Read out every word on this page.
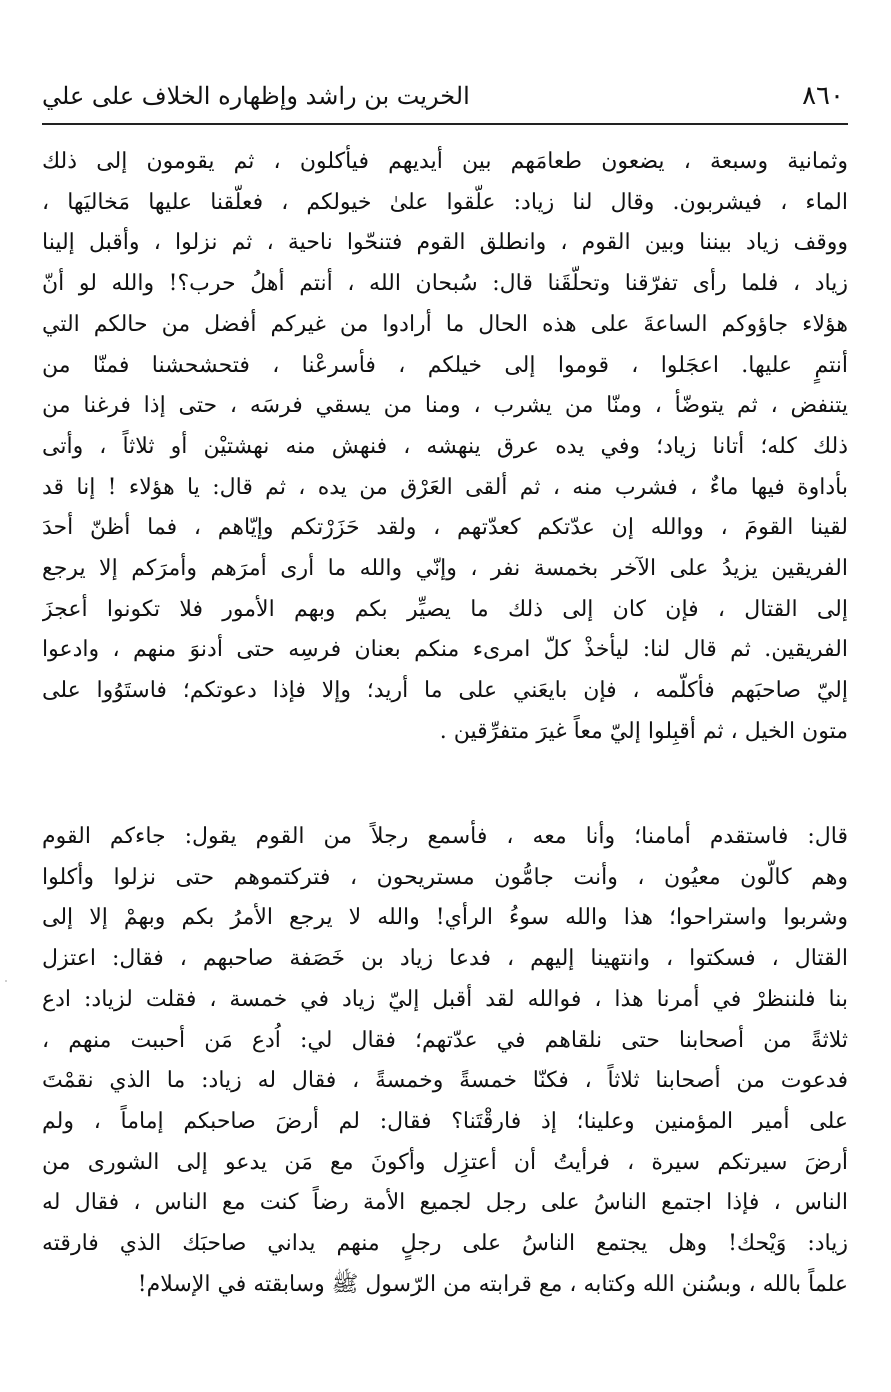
٨٦٠
الخريت بن راشد وإظهاره الخلاف على علي
وثمانية وسبعة ، يضعون طعامَهم بين أيديهم فيأكلون ، ثم يقومون إلى ذلك
الماء ، فيشربون. وقال لنا زياد: علّقوا علىٰ خيولكم ، فعلّقنا عليها مَخاليَها ،
ووقف زياد بيننا وبين القوم ، وانطلق القوم فتنحّوا ناحية ، ثم نزلوا ، وأقبل إلينا
زياد ، فلما رأى تفرّقنا وتحلّقَنا قال: سُبحان الله ، أنتم أهلُ حرب؟! والله لو أنّ
هؤلاء جاؤوكم الساعةَ على هذه الحال ما أرادوا من غيركم أفضل من حالكم التي
أنتمٍ عليها. اعجَلوا ، قوموا إلى خيلكم ، فأسرعْنا ، فتحشحشنا فمنّا من
يتنفض ، ثم يتوضّأ ، ومنّا من يشرب ، ومنا من يسقي فرسَه ، حتى إذا فرغنا من
ذلك كله؛ أتانا زياد؛ وفي يده عرق ينهشه ، فنهش منه نهشتيْن أو ثلاثاً ، وأتى
بأداوة فيها ماءٌ ، فشرب منه ، ثم ألقى العَرْق من يده ، ثم قال: يا هؤلاء ! إنا قد
لقينا القومَ ، ووالله إن عدّتكم كعدّتهم ، ولقد حَزَرْتكم وإيّاهم ، فما أظنّ أحدَ
الفريقين يزيدُ على الآخر بخمسة نفر ، وإنّي والله ما أرى أمرَهم وأمرَكم إلا يرجع
إلى القتال ، فإن كان إلى ذلك ما يصيِّر بكم وبهم الأمور فلا تكونوا أعجزَ
الفريقين. ثم قال لنا: ليأخذْ كلّ امرىء منكم بعنان فرسِه حتى أدنوَ منهم ، وادعوا
إليّ صاحبَهم فأكلّمه ، فإن بايعَني على ما أريد؛ وإلا فإذا دعوتكم؛ فاستَوُوا على
متون الخيل ، ثم أقبِلوا إليّ معاً غيرَ متفرِّقين .
قال: فاستقدم أمامنا؛ وأنا معه ، فأسمع رجلاً من القوم يقول: جاءكم القوم
وهم كالّون معيُون ، وأنت جامُّون مستريحون ، فتركتموهم حتى نزلوا وأكلوا
وشربوا واستراحوا؛ هذا والله سوءُ الرأي! والله لا يرجع الأمرُ بكم وبهمْ إلا إلى
القتال ، فسكتوا ، وانتهينا إليهم ، فدعا زياد بن خَصَفة صاحبهم ، فقال: اعتزل
بنا فلننظرْ في أمرنا هذا ، فوالله لقد أقبل إليّ زياد في خمسة ، فقلت لزياد: ادع
ثلاثةً من أصحابنا حتى نلقاهم في عدّتهم؛ فقال لي: اُدع مَن أحببت منهم ،
فدعوت من أصحابنا ثلاثاً ، فكنّا خمسةً وخمسةً ، فقال له زياد: ما الذي نقمْتَ
على أمير المؤمنين وعلينا؛ إذ فارقْتَنا؟ فقال: لم أرضَ صاحبكم إماماً ، ولم
أرضَ سيرتكم سيرة ، فرأيتُ أن أعتزِل وأكونَ مع مَن يدعو إلى الشورى من
الناس ، فإذا اجتمع الناسُ على رجل لجميع الأمة رضاً كنت مع الناس ، فقال له
زياد: وَيْحك! وهل يجتمع الناسُ على رجلٍ منهم يداني صاحبَك الذي فارقته
علماً بالله ، وبسُنن الله وكتابه ، مع قرابته من الرّسول ﷺ وسابقته في الإسلام!
